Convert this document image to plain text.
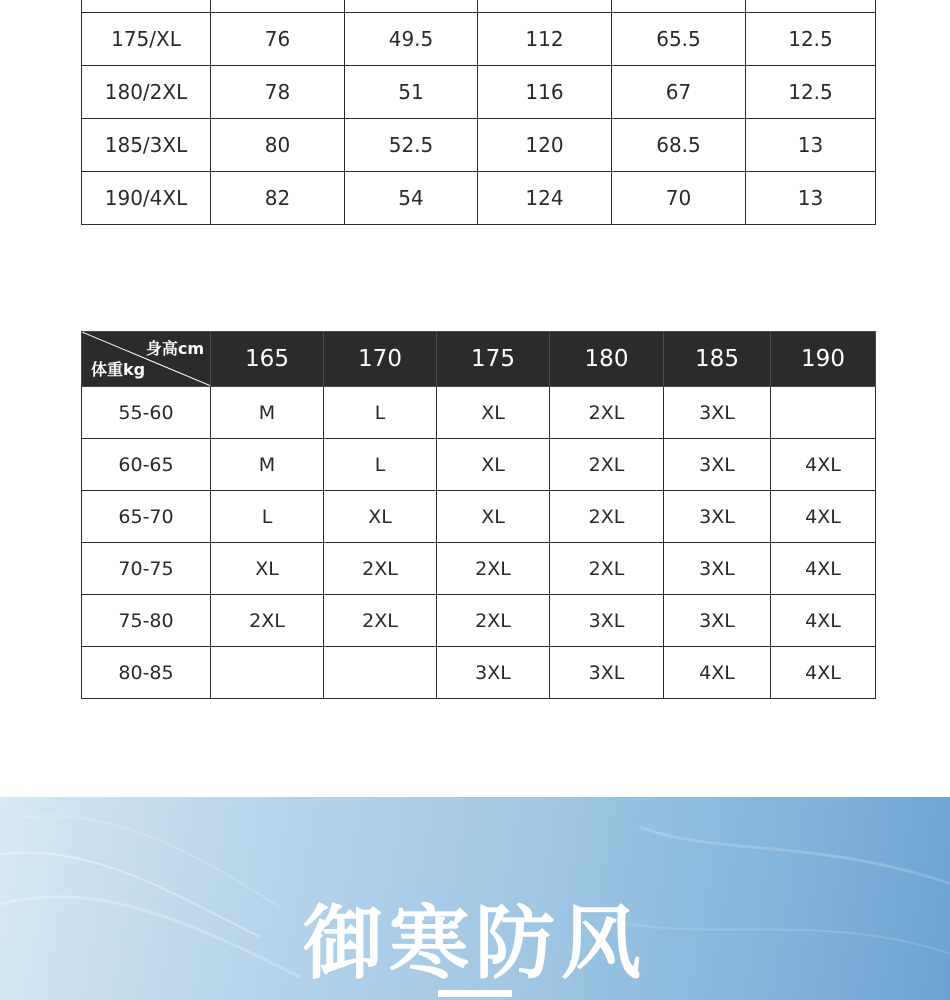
175/XL	76	49.5	112	65.5	12.5
180/2XL	78	51	116	67	12.5
185/3XL	80	52.5	120	68.5	13
190/4XL	82	54	124	70	13
身高cm
体重kg	165	170	175	180	185	190
55-60	M	L	XL	2XL	3XL	
60-65	M	L	XL	2XL	3XL	4XL
65-70	L	XL	XL	2XL	3XL	4XL
70-75	XL	2XL	2XL	2XL	3XL	4XL
75-80	2XL	2XL	2XL	3XL	3XL	4XL
80-85			3XL	3XL	4XL	4XL
御寒防风
